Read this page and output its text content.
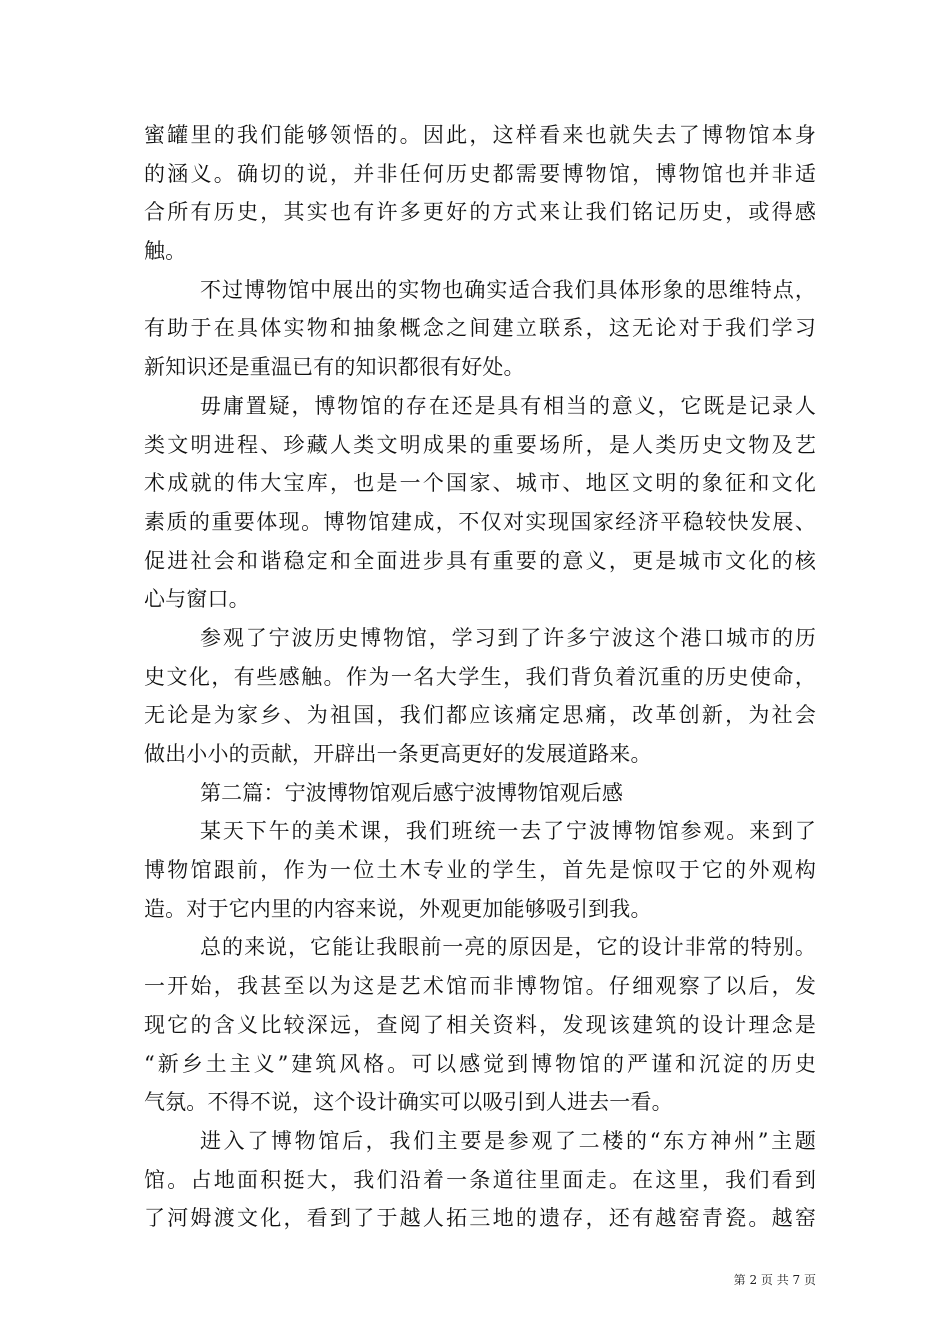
蜜罐里的我们能够领悟的。因此，这样看来也就失去了博物馆本身
的涵义。确切的说，并非任何历史都需要博物馆，博物馆也并非适
合所有历史，其实也有许多更好的方式来让我们铭记历史，或得感
触。
不过博物馆中展出的实物也确实适合我们具体形象的思维特点，
有助于在具体实物和抽象概念之间建立联系，这无论对于我们学习
新知识还是重温已有的知识都很有好处。
毋庸置疑，博物馆的存在还是具有相当的意义，它既是记录人
类文明进程、珍藏人类文明成果的重要场所，是人类历史文物及艺
术成就的伟大宝库，也是一个国家、城市、地区文明的象征和文化
素质的重要体现。博物馆建成，不仅对实现国家经济平稳较快发展、
促进社会和谐稳定和全面进步具有重要的意义，更是城市文化的核
心与窗口。
参观了宁波历史博物馆，学习到了许多宁波这个港口城市的历
史文化，有些感触。作为一名大学生，我们背负着沉重的历史使命，
无论是为家乡、为祖国，我们都应该痛定思痛，改革创新，为社会
做出小小的贡献，开辟出一条更高更好的发展道路来。
第二篇：宁波博物馆观后感宁波博物馆观后感
某天下午的美术课，我们班统一去了宁波博物馆参观。来到了
博物馆跟前，作为一位土木专业的学生，首先是惊叹于它的外观构
造。对于它内里的内容来说，外观更加能够吸引到我。
总的来说，它能让我眼前一亮的原因是，它的设计非常的特别。
一开始，我甚至以为这是艺术馆而非博物馆。仔细观察了以后，发
现它的含义比较深远，查阅了相关资料，发现该建筑的设计理念是
“新乡土主义”建筑风格。可以感觉到博物馆的严谨和沉淀的历史
气氛。不得不说，这个设计确实可以吸引到人进去一看。
进入了博物馆后，我们主要是参观了二楼的“东方神州”主题
馆。占地面积挺大，我们沿着一条道往里面走。在这里，我们看到
了河姆渡文化，看到了于越人拓三地的遗存，还有越窑青瓷。越窑
第 2 页 共 7 页
